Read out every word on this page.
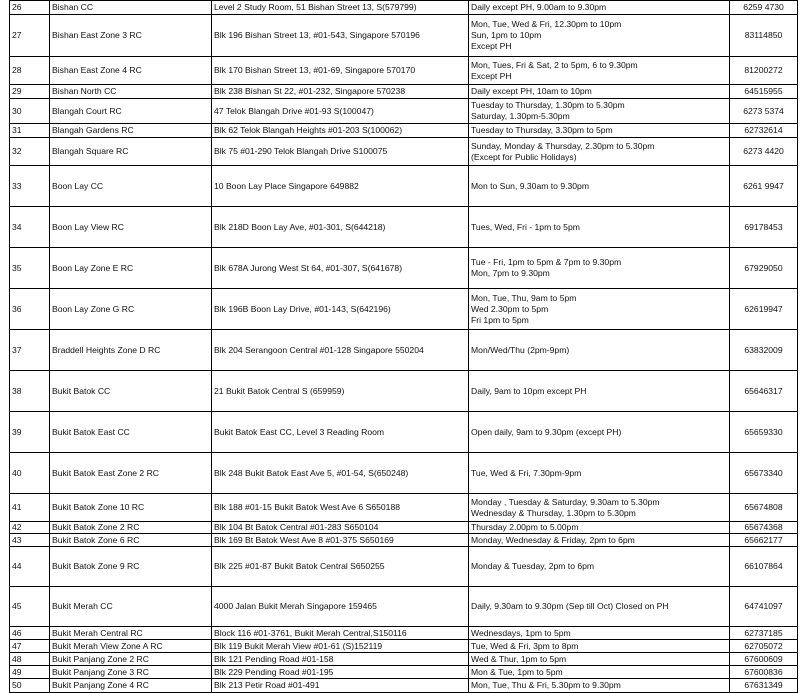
26	Bishan CC	Level 2 Study Room, 51 Bishan Street 13, S(579799)	Daily except PH, 9.00am to 9.30pm	6259 4730
27	Bishan East Zone 3 RC	Blk 196 Bishan Street 13, #01-543, Singapore 570196	Mon, Tue, Wed & Fri, 12.30pm to 10pm
Sun, 1pm to 10pm
Except PH	83114850
28	Bishan East Zone 4 RC	Blk 170 Bishan Street 13, #01-69, Singapore 570170	Mon, Tues, Fri & Sat, 2 to 5pm, 6 to 9.30pm
Except PH	81200272
29	Bishan North CC	Blk 238 Bishan St 22, #01-232, Singapore 570238	Daily except PH, 10am to 10pm	64515955
30	Blangah Court RC	47 Telok Blangah Drive #01-93 S(100047)	Tuesday to Thursday, 1.30pm to 5.30pm
Saturday, 1.30pm-5.30pm	6273 5374
31	Blangah Gardens RC	Blk 62 Telok Blangah Heights #01-203 S(100062)	Tuesday to Thursday, 3.30pm to 5pm	62732614
32	Blangah Square RC	Blk 75 #01-290 Telok Blangah Drive S100075	Sunday, Monday & Thursday, 2.30pm to 5.30pm
(Except for Public Holidays)	6273 4420
33	Boon Lay CC	10 Boon Lay Place Singapore 649882	Mon to Sun, 9.30am to 9.30pm	6261 9947
34	Boon Lay View RC	Blk 218D Boon Lay Ave, #01-301, S(644218)	Tues, Wed, Fri - 1pm to 5pm	69178453
35	Boon Lay Zone E RC	Blk 678A Jurong West St 64, #01-307, S(641678)	Tue - Fri, 1pm to 5pm & 7pm to 9.30pm
Mon, 7pm to 9.30pm	67929050
36	Boon Lay Zone G RC	Blk 196B Boon Lay Drive, #01-143, S(642196)	Mon, Tue, Thu, 9am to 5pm
Wed 2.30pm to 5pm
Fri 1pm to 5pm	62619947
37	Braddell Heights Zone D RC	Blk 204 Serangoon Central #01-128 Singapore 550204	Mon/Wed/Thu (2pm-9pm)	63832009
38	Bukit Batok CC	21 Bukit Batok Central S (659959)	Daily, 9am to 10pm except PH	65646317
39	Bukit Batok East CC	Bukit Batok East CC, Level 3 Reading Room	Open daily, 9am to 9.30pm (except PH)	65659330
40	Bukit Batok East Zone 2 RC	Blk 248 Bukit Batok East Ave 5, #01-54, S(650248)	Tue, Wed & Fri, 7.30pm-9pm	65673340
41	Bukit Batok Zone 10 RC	Blk 188 #01-15 Bukit Batok West Ave 6 S650188	Monday , Tuesday & Saturday, 9.30am to 5.30pm
Wednesday & Thursday, 1.30pm to 5.30pm	65674808
42	Bukit Batok Zone 2 RC	Blk 104 Bt Batok Central #01-283 S650104	Thursday 2.00pm to 5.00pm	65674368
43	Bukit Batok Zone 6 RC	Blk 169 Bt Batok West Ave 8 #01-375 S650169	Monday, Wednesday & Friday, 2pm to 6pm	65662177
44	Bukit Batok Zone 9 RC	Blk 225 #01-87 Bukit Batok Central S650255	Monday & Tuesday, 2pm to 6pm	66107864
45	Bukit Merah CC	4000 Jalan Bukit Merah Singapore 159465	Daily, 9.30am to 9.30pm (Sep till Oct) Closed on PH	64741097
46	Bukit Merah Central RC	Block 116 #01-3761, Bukit Merah Central,S150116	Wednesdays, 1pm to 5pm	62737185
47	Bukit Merah View Zone A RC	Blk 119 Bukit Merah View #01-61 (S)152119	Tue, Wed & Fri, 3pm to 8pm	62705072
48	Bukit Panjang Zone 2 RC	Blk 121 Pending Road #01-158	Wed & Thur, 1pm to 5pm	67600609
49	Bukit Panjang Zone 3 RC	Blk 229 Pending Road #01-195	Mon & Tue, 1pm to 5pm	67600836
50	Bukit Panjang Zone 4 RC	Blk 213 Petir Road #01-491	Mon, Tue, Thu & Fri, 5.30pm to 9.30pm	67631349
